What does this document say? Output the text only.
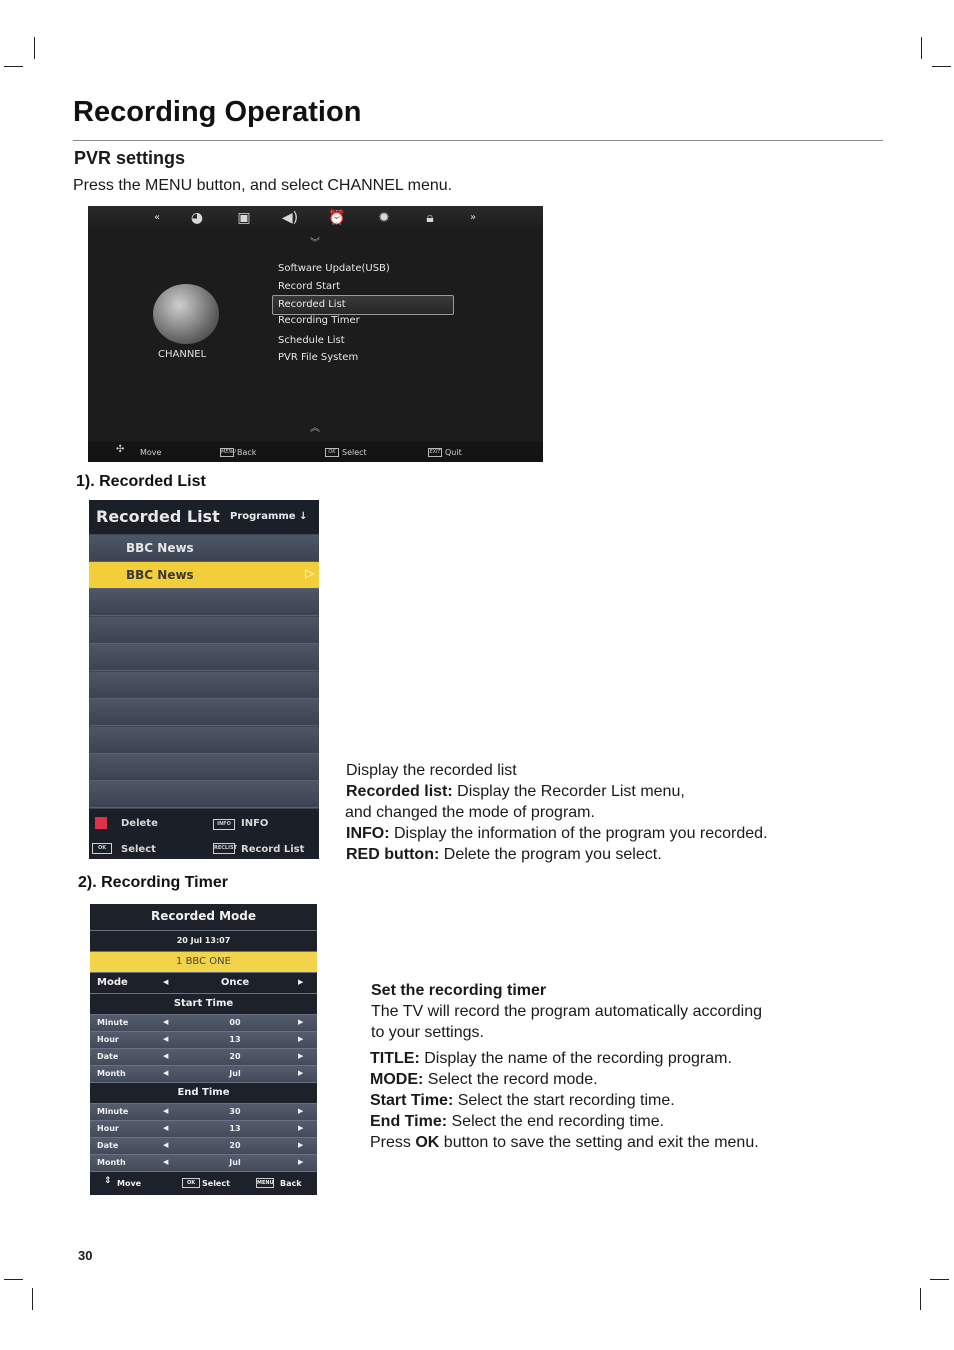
Recording Operation

PVR settings

Press the MENU button, and select CHANNEL menu.

«	◕ ▣ ◀) ⏰ ✹	🔒︎	»
︾
CHANNEL
Software Update(USB)
Record Start
Recorded List
Recording Timer
Schedule List
PVR File System
︽
✣ Move	MENUBack	OK Select	EXIT Quit

1). Recorded List

Recorded List Programme ↓
BBC News
BBC News	▷
Delete	INFO	INFO
OK	Select	RECLIST Record List
Display the recorded list
Recorded list: Display the Recorder List menu,
and changed the mode of program.
INFO: Display the information of the program you recorded.
RED button: Delete the program you select.

2). Recording Timer

Recorded Mode
20 Jul 13:07
1 BBC ONE
Mode	◀	Once	▶
Start Time
Minute	◀	00	▶
Hour	◀	13	▶
Date	◀	20	▶
Month	◀	Jul	▶
End Time
Minute	◀	30	▶
Hour	◀	13	▶
Date	◀	20	▶
Month	◀	Jul	▶
⇕ Move	OK Select	MENU Back
Set the recording timer
The TV will record the program automatically according
to your settings.
TITLE: Display the name of the recording program.
MODE: Select the record mode.
Start Time: Select the start recording time.
End Time: Select the end recording time.
Press OK button to save the setting and exit the menu.
30
